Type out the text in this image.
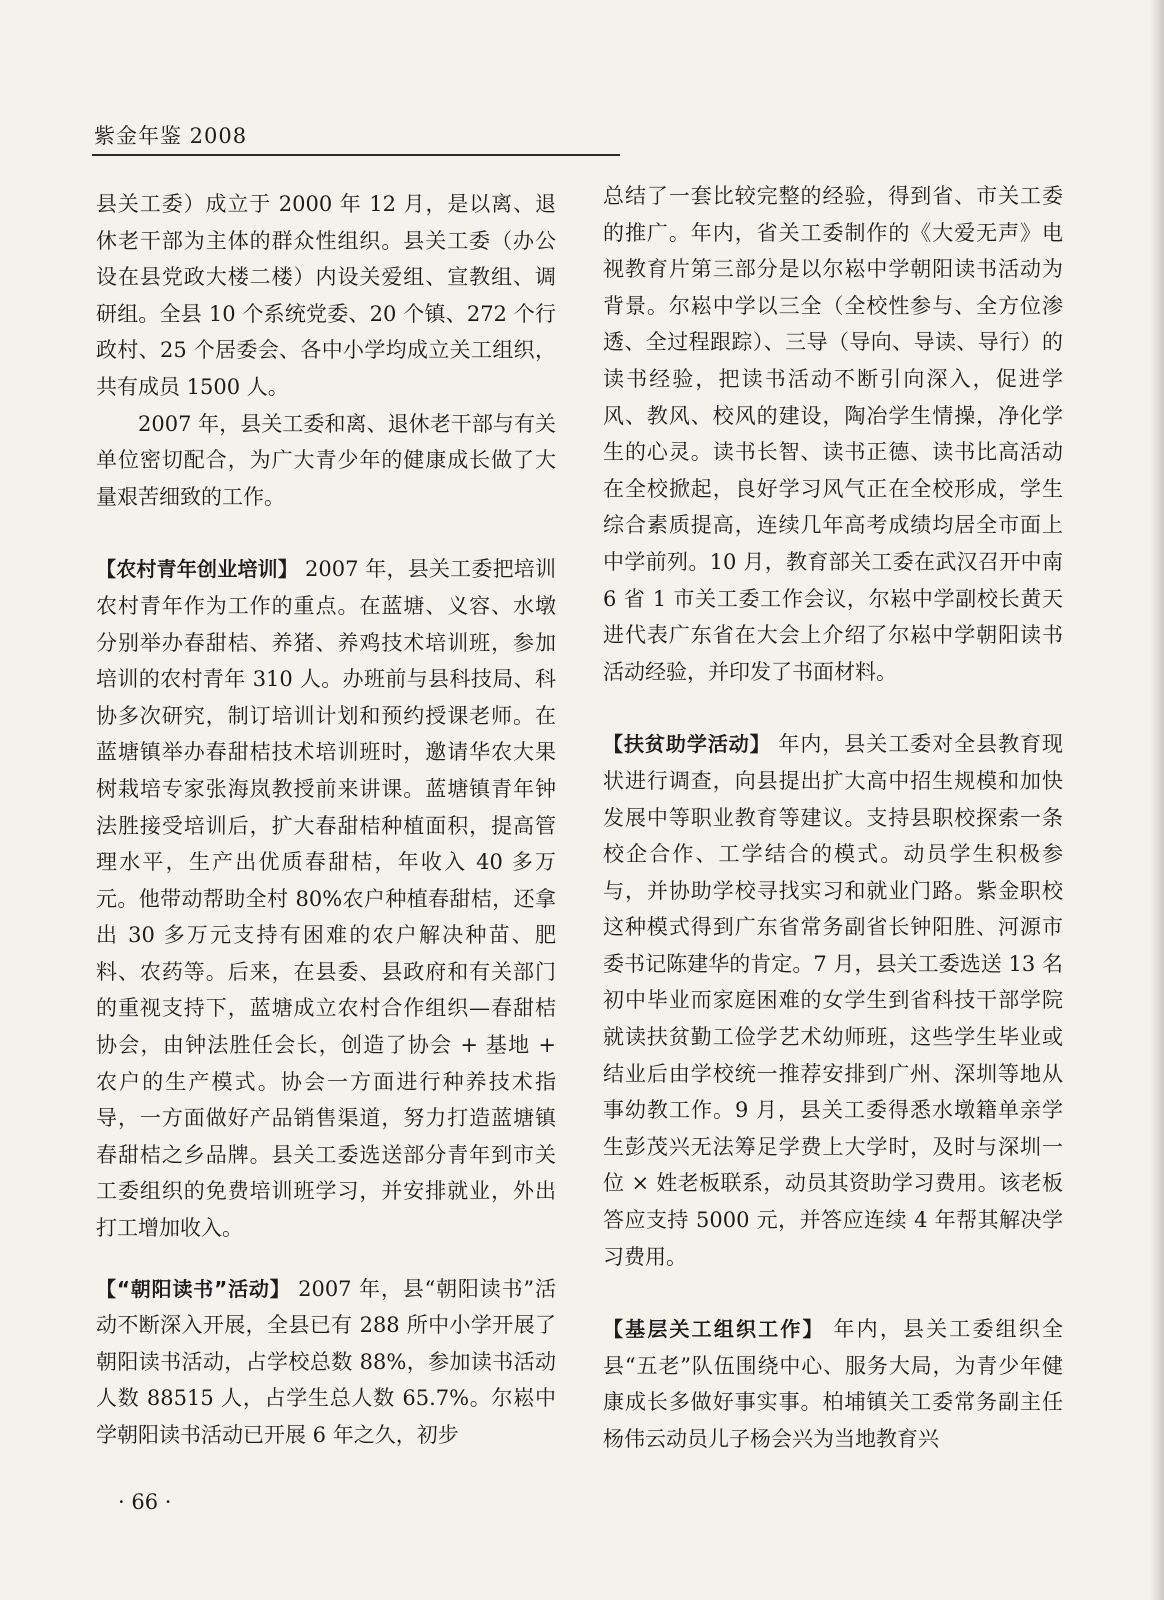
紫金年鉴 2008

县关工委）成立于 2000 年 12 月，是以离、退休老干部为主体的群众性组织。县关工委（办公设在县党政大楼二楼）内设关爱组、宣教组、调研组。全县 10 个系统党委、20 个镇、272 个行政村、25 个居委会、各中小学均成立关工组织，共有成员 1500 人。

2007 年，县关工委和离、退休老干部与有关单位密切配合，为广大青少年的健康成长做了大量艰苦细致的工作。

【农村青年创业培训】 2007 年，县关工委把培训农村青年作为工作的重点。在蓝塘、义容、水墩分别举办春甜桔、养猪、养鸡技术培训班，参加培训的农村青年 310 人。办班前与县科技局、科协多次研究，制订培训计划和预约授课老师。在蓝塘镇举办春甜桔技术培训班时，邀请华农大果树栽培专家张海岚教授前来讲课。蓝塘镇青年钟法胜接受培训后，扩大春甜桔种植面积，提高管理水平，生产出优质春甜桔，年收入 40 多万元。他带动帮助全村 80%农户种植春甜桔，还拿出 30 多万元支持有困难的农户解决种苗、肥料、农药等。后来，在县委、县政府和有关部门的重视支持下，蓝塘成立农村合作组织—春甜桔协会，由钟法胜任会长，创造了协会 + 基地 + 农户的生产模式。协会一方面进行种养技术指导，一方面做好产品销售渠道，努力打造蓝塘镇春甜桔之乡品牌。县关工委选送部分青年到市关工委组织的免费培训班学习，并安排就业，外出打工增加收入。

【“朝阳读书”活动】 2007 年，县“朝阳读书”活动不断深入开展，全县已有 288 所中小学开展了朝阳读书活动，占学校总数 88%，参加读书活动人数 88515 人，占学生总人数 65.7%。尔崧中学朝阳读书活动已开展 6 年之久，初步

总结了一套比较完整的经验，得到省、市关工委的推广。年内，省关工委制作的《大爱无声》电视教育片第三部分是以尔崧中学朝阳读书活动为背景。尔崧中学以三全（全校性参与、全方位渗透、全过程跟踪）、三导（导向、导读、导行）的读书经验，把读书活动不断引向深入，促进学风、教风、校风的建设，陶冶学生情操，净化学生的心灵。读书长智、读书正德、读书比高活动在全校掀起，良好学习风气正在全校形成，学生综合素质提高，连续几年高考成绩均居全市面上中学前列。10 月，教育部关工委在武汉召开中南 6 省 1 市关工委工作会议，尔崧中学副校长黄天进代表广东省在大会上介绍了尔崧中学朝阳读书活动经验，并印发了书面材料。

【扶贫助学活动】 年内，县关工委对全县教育现状进行调查，向县提出扩大高中招生规模和加快发展中等职业教育等建议。支持县职校探索一条校企合作、工学结合的模式。动员学生积极参与，并协助学校寻找实习和就业门路。紫金职校这种模式得到广东省常务副省长钟阳胜、河源市委书记陈建华的肯定。7 月，县关工委选送 13 名初中毕业而家庭困难的女学生到省科技干部学院就读扶贫勤工俭学艺术幼师班，这些学生毕业或结业后由学校统一推荐安排到广州、深圳等地从事幼教工作。9 月，县关工委得悉水墩籍单亲学生彭茂兴无法筹足学费上大学时，及时与深圳一位 × 姓老板联系，动员其资助学习费用。该老板答应支持 5000 元，并答应连续 4 年帮其解决学习费用。

【基层关工组织工作】 年内，县关工委组织全县“五老”队伍围绕中心、服务大局，为青少年健康成长多做好事实事。柏埔镇关工委常务副主任杨伟云动员儿子杨会兴为当地教育兴

· 66 ·
